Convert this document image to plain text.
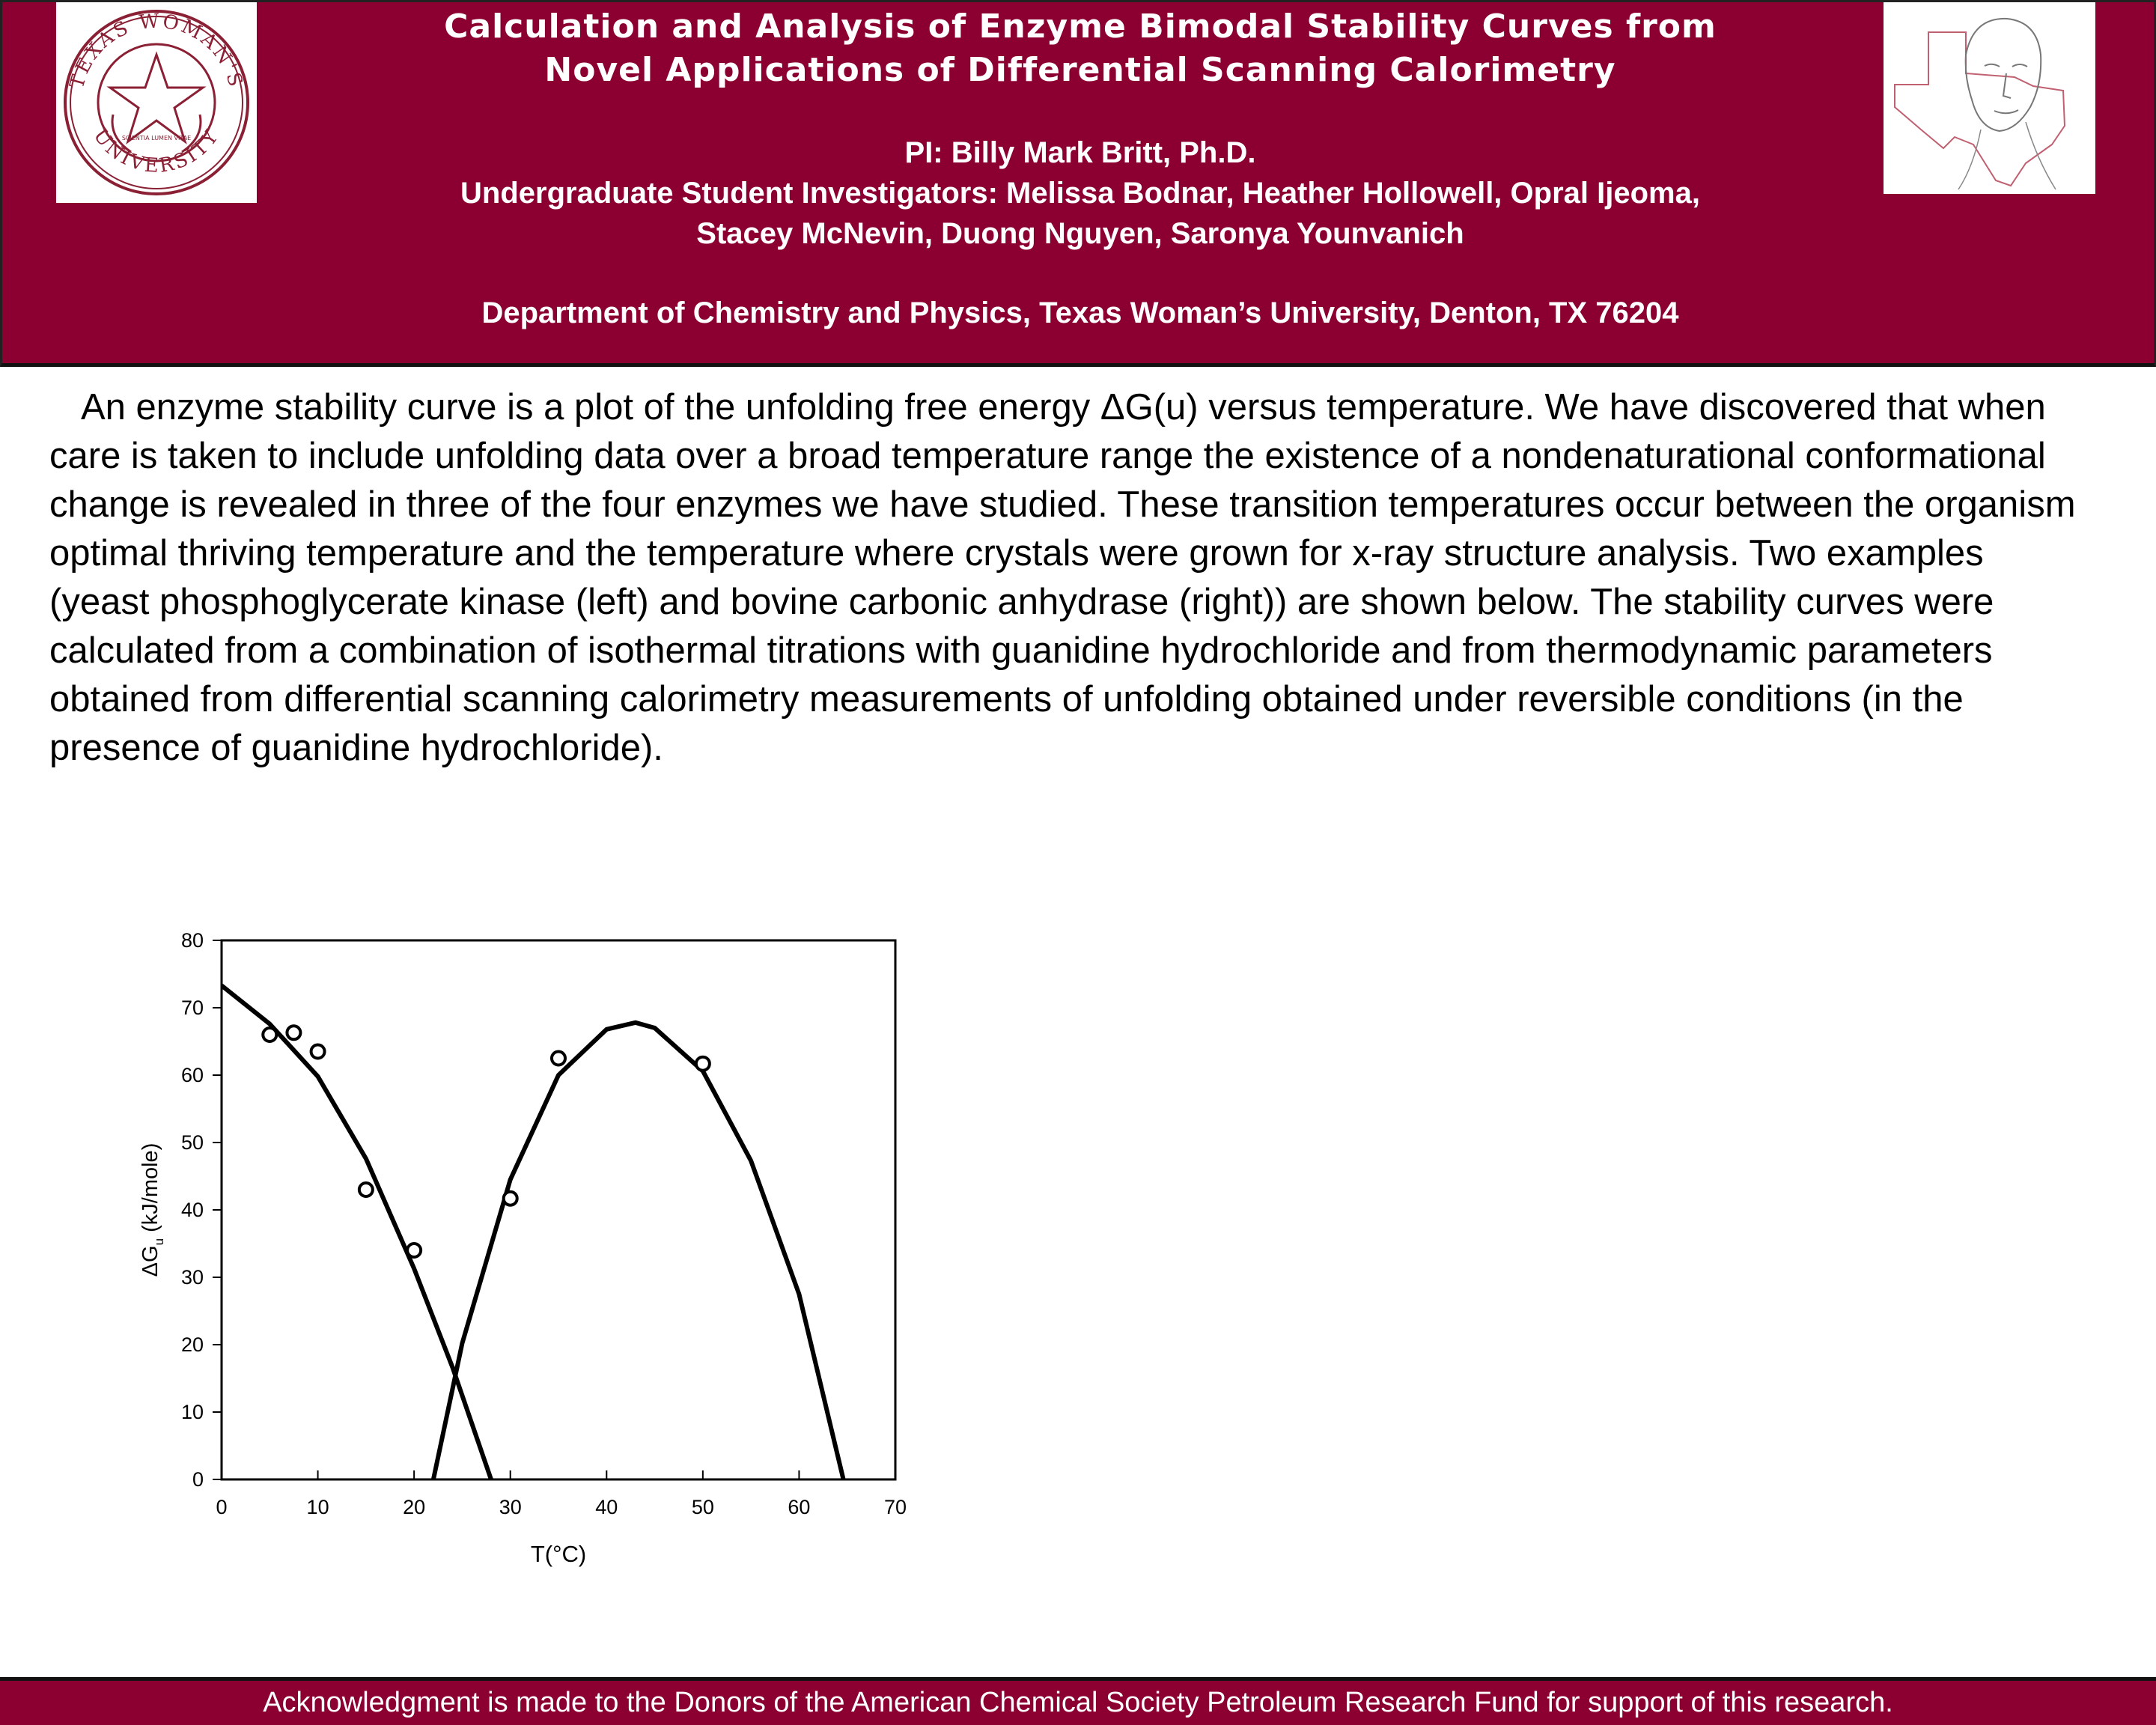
TEXAS WOMAN'S
UNIVERSITY
SCIENTIA LUMEN VITAE
Calculation and Analysis of Enzyme Bimodal Stability Curves from
Novel Applications of Differential Scanning Calorimetry
PI: Billy Mark Britt, Ph.D.
Undergraduate Student Investigators: Melissa Bodnar, Heather Hollowell, Opral Ijeoma,
Stacey McNevin, Duong Nguyen, Saronya Younvanich
Department of Chemistry and Physics, Texas Woman’s University, Denton, TX 76204

An enzyme stability curve is a plot of the unfolding free energy ΔG(u) versus temperature. We have discovered that when care is taken to include unfolding data over a broad temperature range the existence of a nondenaturational conformational change is revealed in three of the four enzymes we have studied. These transition temperatures occur between the organism optimal thriving temperature and the temperature where crystals were grown for x-ray structure analysis. Two examples (yeast phosphoglycerate kinase (left) and bovine carbonic anhydrase (right)) are shown below. The stability curves were calculated from a combination of isothermal titrations with guanidine hydrochloride and from thermodynamic parameters obtained from differential scanning calorimetry measurements of unfolding obtained under reversible conditions (in the presence of guanidine hydrochloride).

0	10	20	30	40	50	60	70
0
10
20
30
40
50
60
70
80
T(°C)
$\Delta G_u$ (kJ/mole)
Acknowledgment is made to the Donors of the American Chemical Society Petroleum Research Fund for support of this research.
